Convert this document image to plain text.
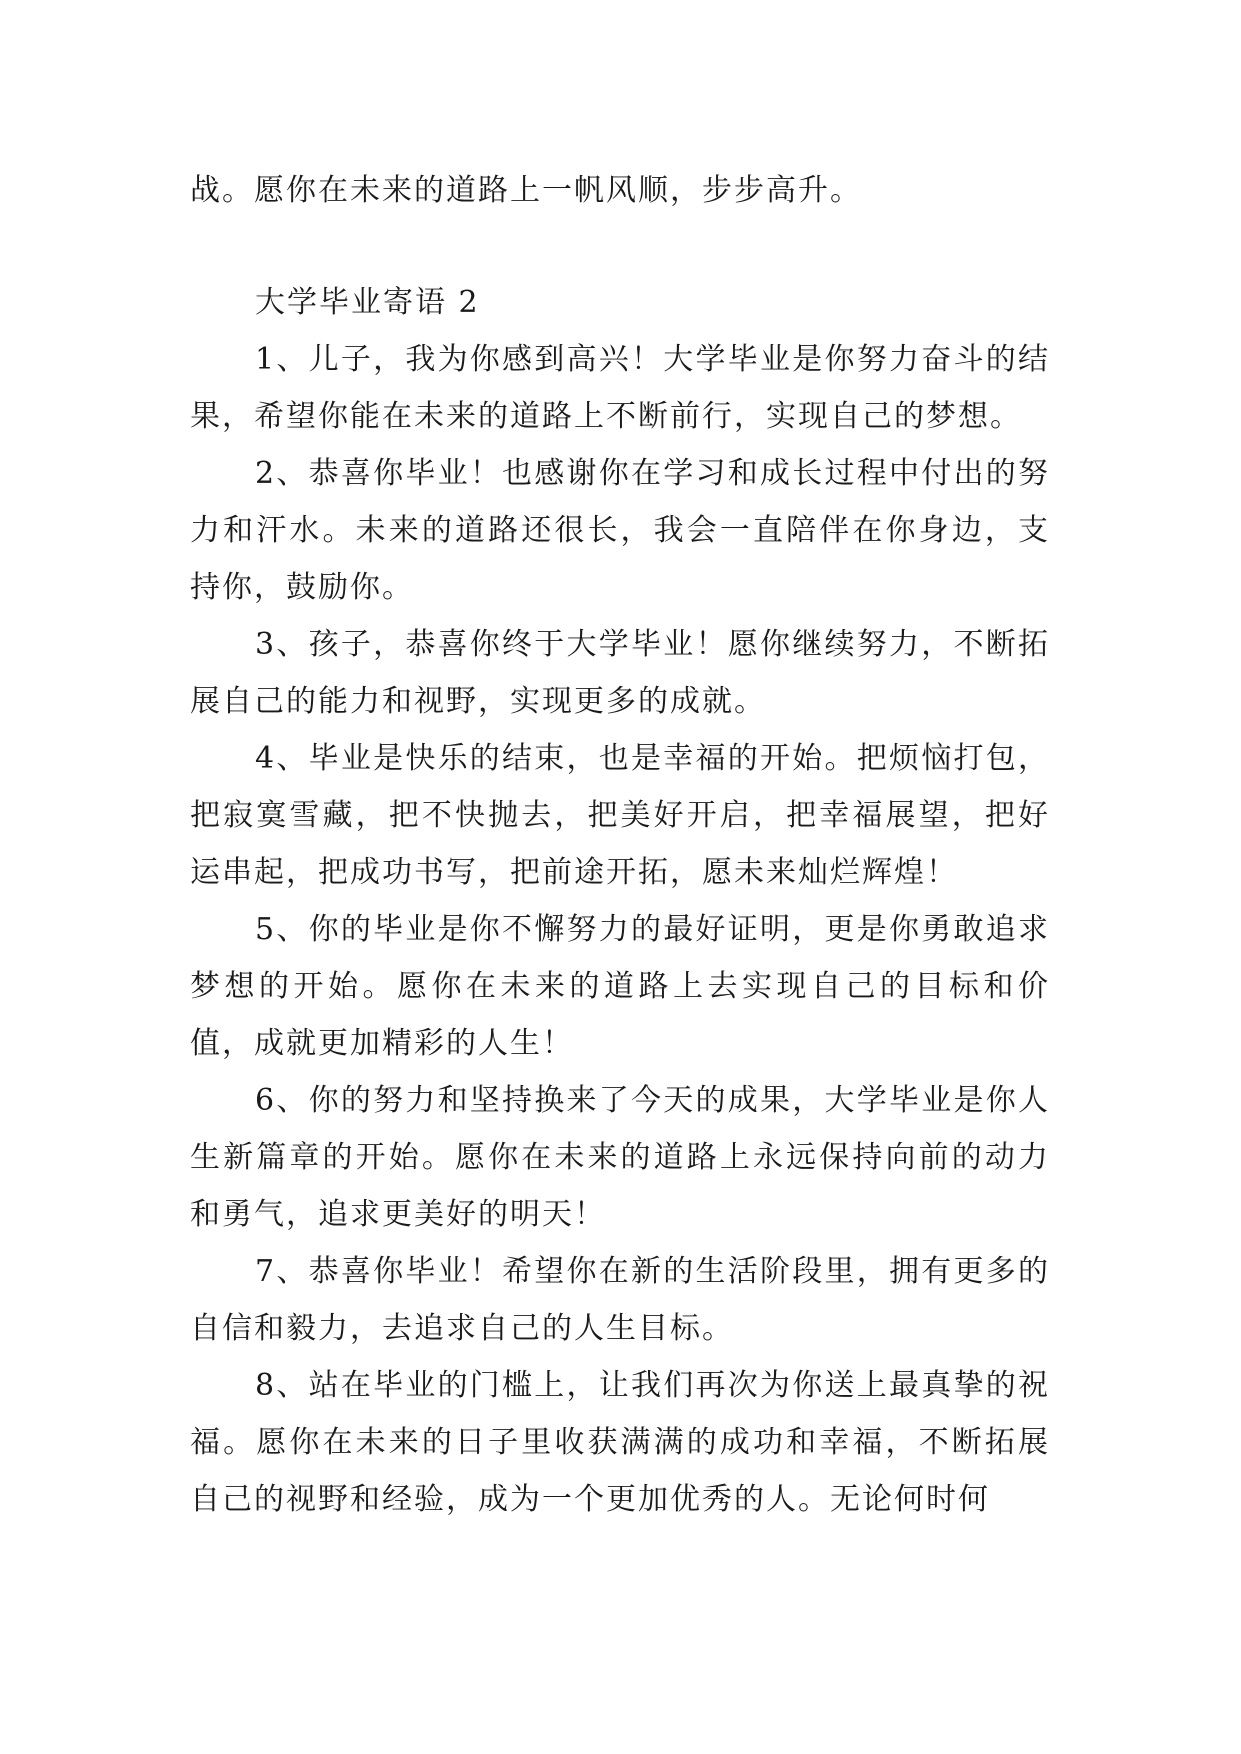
战。愿你在未来的道路上一帆风顺，步步高升。

大学毕业寄语 2

1、儿子，我为你感到高兴！大学毕业是你努力奋斗的结果，希望你能在未来的道路上不断前行，实现自己的梦想。

2、恭喜你毕业！也感谢你在学习和成长过程中付出的努力和汗水。未来的道路还很长，我会一直陪伴在你身边，支持你，鼓励你。

3、孩子，恭喜你终于大学毕业！愿你继续努力，不断拓展自己的能力和视野，实现更多的成就。

4、毕业是快乐的结束，也是幸福的开始。把烦恼打包，把寂寞雪藏，把不快抛去，把美好开启，把幸福展望，把好运串起，把成功书写，把前途开拓，愿未来灿烂辉煌！

5、你的毕业是你不懈努力的最好证明，更是你勇敢追求梦想的开始。愿你在未来的道路上去实现自己的目标和价值，成就更加精彩的人生！

6、你的努力和坚持换来了今天的成果，大学毕业是你人生新篇章的开始。愿你在未来的道路上永远保持向前的动力和勇气，追求更美好的明天！

7、恭喜你毕业！希望你在新的生活阶段里，拥有更多的自信和毅力，去追求自己的人生目标。

8、站在毕业的门槛上，让我们再次为你送上最真挚的祝福。愿你在未来的日子里收获满满的成功和幸福，不断拓展自己的视野和经验，成为一个更加优秀的人。无论何时何
